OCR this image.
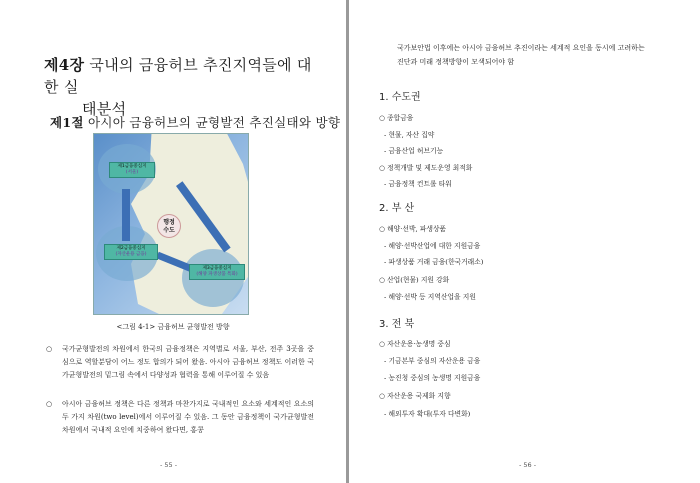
제4장 국내의 금융허브 추진지역들에 대한 실
태분석
제1절 아시아 금융허브의 균형발전 추진실태와 방향
제1금융중심지
(서울)
제2금융중심지
(자산운용 금융)
제3금융중심지
(해양 파생상품 특화)
행정
수도
<그림 4-1> 금융허브 균형발전 방향
○	국가균형발전의 차원에서 한국의 금융정책은 지역별로 서울, 부산, 전주 3곳을 중심으로 역할분담이 어느 정도 합의가 되어 왔음. 아시아 금융허브 정책도 이러한 국가균형발전의 밑그림 속에서 다양성과 협력을 통해 이루어질 수 있음
○	아시아 금융허브 정책은 다른 정책과 마찬가지로 국내적인 요소와 세계적인 요소의 두 가지 차원(two level)에서 이루어질 수 있음. 그 동안 금융정책이 국가균형발전 차원에서 국내적 요인에 치중하여 왔다면, 홍콩
- 55 -
국가보안법 이후에는 아시아 금융허브 추진이라는 세계적 요인을 동시에 고려하는 진단과 미래 정책방향이 모색되어야 함
1. 수도권
○ 종합금융
- 현물, 자산 집약
- 금융산업 허브기능
○ 정책개발 및 제도운영 최적화
- 금융정책 컨트롤 타워
2. 부 산
○ 해양·선박, 파생상품
- 해양·선박산업에 대한 지원금융
- 파생상품 거래 금융(한국거래소)
○ 산업(현물) 지원 강화
- 해양·선박 등 지역산업을 지원
3. 전 북
○ 자산운용·농생명 중심
- 기금본부 중심의 자산운용 금융
- 농진청 중심의 농생명 지원금융
○ 자산운용 국제화 지향
- 해외투자 확대(투자 다변화)
- 56 -
